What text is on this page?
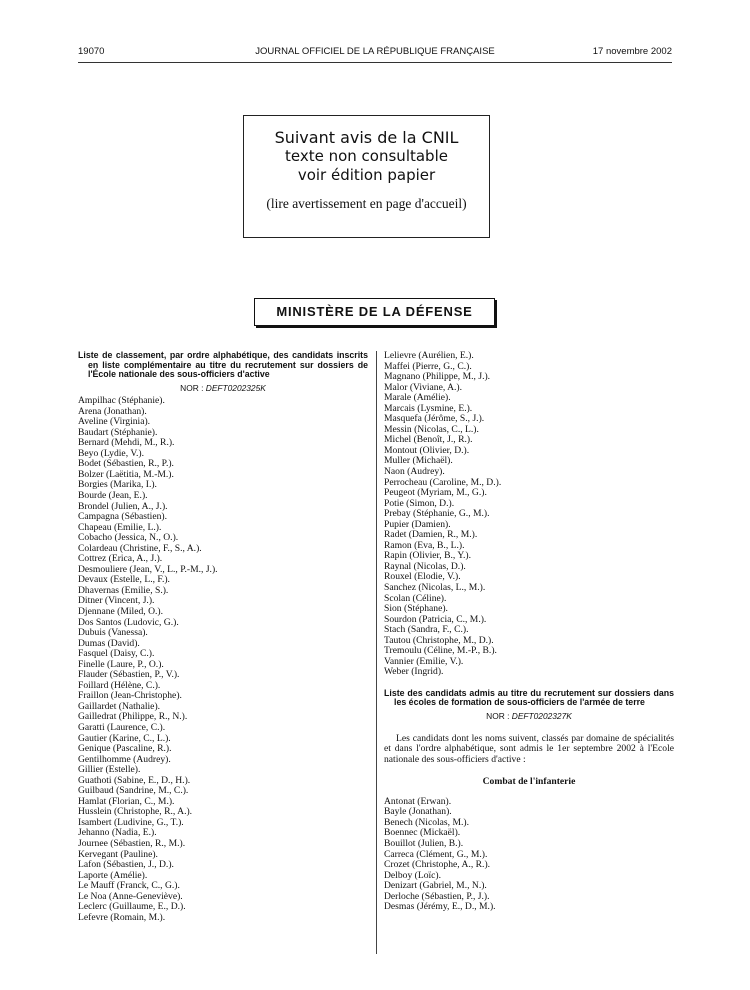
19070	JOURNAL OFFICIEL DE LA RÉPUBLIQUE FRANÇAISE	17 novembre 2002
Suivant avis de la CNIL
texte non consultable
voir édition papier
(lire avertissement en page d'accueil)
MINISTÈRE DE LA DÉFENSE
Liste de classement, par ordre alphabétique, des candidats inscrits en liste complémentaire au titre du recrutement sur dossiers de l'École nationale des sous-officiers d'active
NOR : DEFT0202325K
Ampilhac (Stéphanie).
Arena (Jonathan).
Aveline (Virginia).
Baudart (Stéphanie).
Bernard (Mehdi, M., R.).
Beyo (Lydie, V.).
Bodet (Sébastien, R., P.).
Bolzer (Laëtitia, M.-M.).
Borgies (Marika, I.).
Bourde (Jean, E.).
Brondel (Julien, A., J.).
Campagna (Sébastien).
Chapeau (Emilie, L.).
Cobacho (Jessica, N., O.).
Colardeau (Christine, F., S., A.).
Cottrez (Erica, A., J.).
Desmouliere (Jean, V., L., P.-M., J.).
Devaux (Estelle, L., F.).
Dhavernas (Emilie, S.).
Ditner (Vincent, J.).
Djennane (Miled, O.).
Dos Santos (Ludovic, G.).
Dubuis (Vanessa).
Dumas (David).
Fasquel (Daisy, C.).
Finelle (Laure, P., O.).
Flauder (Sébastien, P., V.).
Foillard (Hélène, C.).
Fraillon (Jean-Christophe).
Gaillardet (Nathalie).
Gailledrat (Philippe, R., N.).
Garatti (Laurence, C.).
Gautier (Karine, C., L.).
Genique (Pascaline, R.).
Gentilhomme (Audrey).
Gillier (Estelle).
Guathoti (Sabine, E., D., H.).
Guilbaud (Sandrine, M., C.).
Hamlat (Florian, C., M.).
Husslein (Christophe, R., A.).
Isambert (Ludivine, G., T.).
Jehanno (Nadia, E.).
Journee (Sébastien, R., M.).
Kervegant (Pauline).
Lafon (Sébastien, J., D.).
Laporte (Amélie).
Le Mauff (Franck, C., G.).
Le Noa (Anne-Geneviève).
Leclerc (Guillaume, E., D.).
Lefevre (Romain, M.).
Lelievre (Aurélien, E.).
Maffei (Pierre, G., C.).
Magnano (Philippe, M., J.).
Malor (Viviane, A.).
Marale (Amélie).
Marcais (Lysmine, E.).
Masquefa (Jérôme, S., J.).
Messin (Nicolas, C., L.).
Michel (Benoît, J., R.).
Montout (Olivier, D.).
Muller (Michaël).
Naon (Audrey).
Perrocheau (Caroline, M., D.).
Peugeot (Myriam, M., G.).
Potie (Simon, D.).
Prebay (Stéphanie, G., M.).
Pupier (Damien).
Radet (Damien, R., M.).
Ramon (Eva, B., L.).
Rapin (Olivier, B., Y.).
Raynal (Nicolas, D.).
Rouxel (Elodie, V.).
Sanchez (Nicolas, L., M.).
Scolan (Céline).
Sion (Stéphane).
Sourdon (Patricia, C., M.).
Stach (Sandra, F., C.).
Tautou (Christophe, M., D.).
Tremoulu (Céline, M.-P., B.).
Vannier (Emilie, V.).
Weber (Ingrid).
Liste des candidats admis au titre du recrutement sur dossiers dans les écoles de formation de sous-officiers de l'armée de terre
NOR : DEFT0202327K
Les candidats dont les noms suivent, classés par domaine de spécialités et dans l'ordre alphabétique, sont admis le 1er septembre 2002 à l'Ecole nationale des sous-officiers d'active :
Combat de l'infanterie
Antonat (Erwan).
Bayle (Jonathan).
Benech (Nicolas, M.).
Boennec (Mickaël).
Bouillot (Julien, B.).
Carreca (Clément, G., M.).
Crozet (Christophe, A., R.).
Delboy (Loïc).
Denizart (Gabriel, M., N.).
Derloche (Sébastien, P., J.).
Desmas (Jérémy, E., D., M.).
